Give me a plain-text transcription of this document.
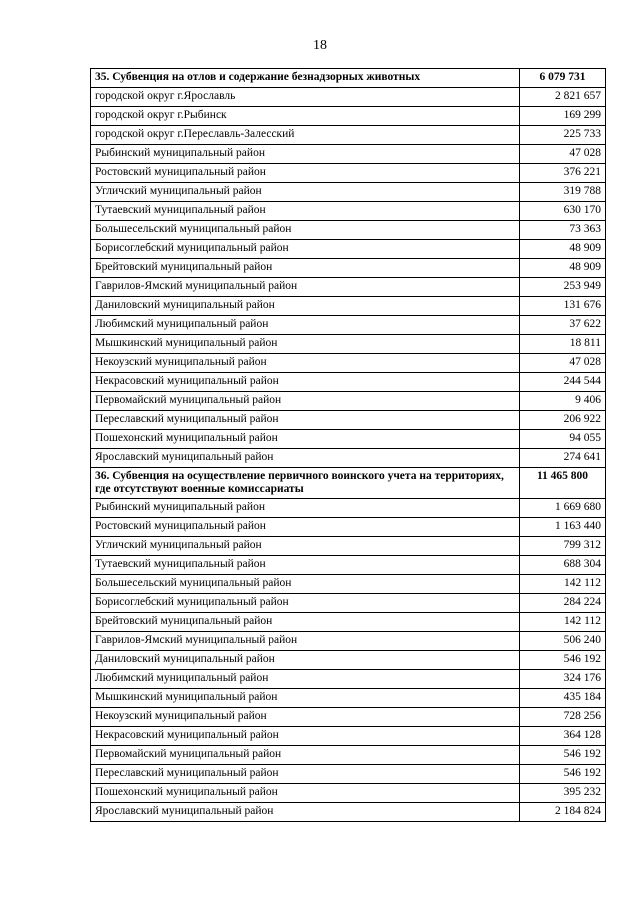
18
35. Субвенция на отлов и содержание безнадзорных животных	6 079 731
городской округ г.Ярославль	2 821 657
городской округ г.Рыбинск	169 299
городской округ г.Переславль-Залесский	225 733
Рыбинский муниципальный район	47 028
Ростовский муниципальный район	376 221
Угличский муниципальный район	319 788
Тутаевский муниципальный район	630 170
Большесельский муниципальный район	73 363
Борисоглебский муниципальный район	48 909
Брейтовский муниципальный район	48 909
Гаврилов-Ямский муниципальный район	253 949
Даниловский муниципальный район	131 676
Любимский муниципальный район	37 622
Мышкинский муниципальный район	18 811
Некоузский муниципальный район	47 028
Некрасовский муниципальный район	244 544
Первомайский муниципальный район	9 406
Переславский муниципальный район	206 922
Пошехонский муниципальный район	94 055
Ярославский муниципальный район	274 641
36. Субвенция на осуществление первичного воинского учета на территориях, где отсутствуют военные комиссариаты	11 465 800
Рыбинский муниципальный район	1 669 680
Ростовский муниципальный район	1 163 440
Угличский муниципальный район	799 312
Тутаевский муниципальный район	688 304
Большесельский муниципальный район	142 112
Борисоглебский муниципальный район	284 224
Брейтовский муниципальный район	142 112
Гаврилов-Ямский муниципальный район	506 240
Даниловский муниципальный район	546 192
Любимский муниципальный район	324 176
Мышкинский муниципальный район	435 184
Некоузский муниципальный район	728 256
Некрасовский муниципальный район	364 128
Первомайский муниципальный район	546 192
Переславский муниципальный район	546 192
Пошехонский муниципальный район	395 232
Ярославский муниципальный район	2 184 824
